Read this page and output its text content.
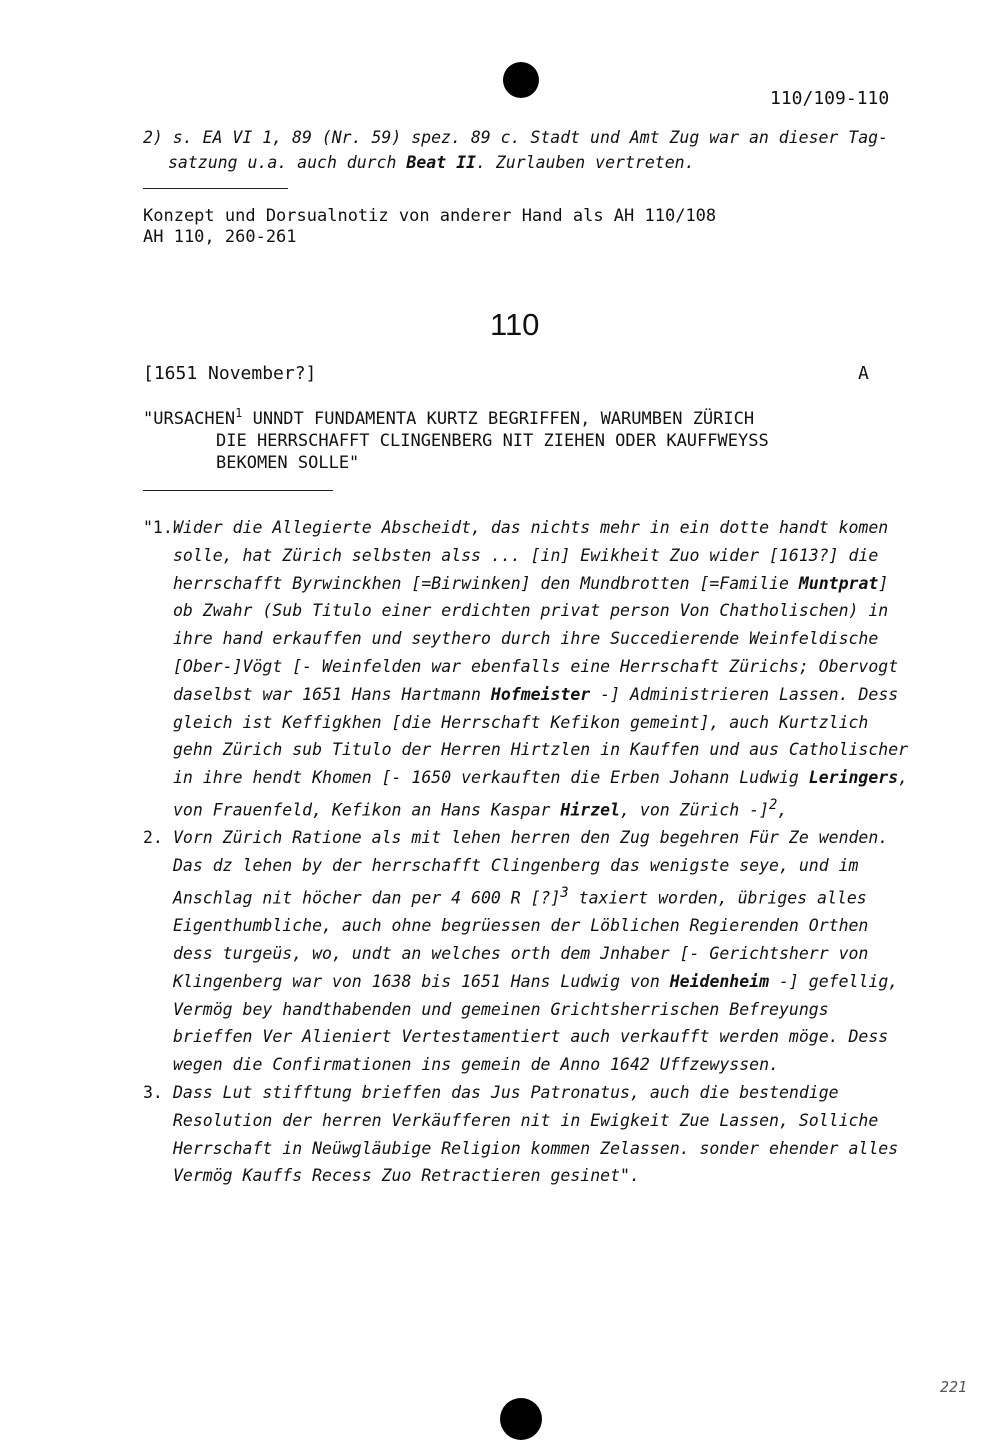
110/109-110
2) s. EA VI 1, 89 (Nr. 59) spez. 89 c. Stadt und Amt Zug war an dieser Tag-
satzung u.a. auch durch Beat II. Zurlauben vertreten.
Konzept und Dorsualnotiz von anderer Hand als AH 110/108
AH 110, 260-261
110
[1651 November?]	A
"URSACHEN$^1$ UNNDT FUNDAMENTA KURTZ BEGRIFFEN, WARUMBEN ZÜRICH
DIE HERRSCHAFFT CLINGENBERG NIT ZIEHEN ODER KAUFFWEYSS
BEKOMEN SOLLE"
"1. Wider die Allegierte Abscheidt, das nichts mehr in ein dotte handt komen solle, hat Zürich selbsten alss ... [in] Ewikheit Zuo wider [1613?] die herrschafft Byrwinckhen [=Birwinken] den Mundbrotten [=Familie Muntprat] ob Zwahr (Sub Titulo einer erdichten privat person Von Chatholischen) in ihre hand erkauffen und seythero durch ihre Succedierende Weinfeldische [Ober-]Vögt [- Weinfelden war ebenfalls eine Herrschaft Zürichs; Obervogt daselbst war 1651 Hans Hartmann Hofmeister -] Administrieren Lassen. Dess gleich ist Keffigkhen [die Herrschaft Kefikon gemeint], auch Kurtzlich gehn Zürich sub Titulo der Herren Hirtzlen in Kauffen und aus Catholischer in ihre hendt Khomen [- 1650 verkauften die Erben Johann Ludwig Leringers, von Frauenfeld, Kefikon an Hans Kaspar Hirzel, von Zürich -]$^2$,

2. Vorn Zürich Ratione als mit lehen herren den Zug begehren Für Ze wenden.

Das dz lehen by der herrschafft Clingenberg das wenigste seye, und im Anschlag nit höcher dan per 4 600 R [?]$^3$ taxiert worden, übriges alles Eigenthumbliche, auch ohne begrüessen der Löblichen Regierenden Orthen dess turgeüs, wo, undt an welches orth dem Jnhaber [- Gerichtsherr von Klingenberg war von 1638 bis 1651 Hans Ludwig von Heidenheim -] gefellig, Vermög bey handthabenden und gemeinen Grichtsherrischen Befreyungs brieffen Ver Alieniert Vertestamentiert auch verkaufft werden möge. Dess wegen die Confirmationen ins gemein de Anno 1642 Uffzewyssen.

3. Dass Lut stifftung brieffen das Jus Patronatus, auch die bestendige Resolution der herren Verkäufferen nit in Ewigkeit Zue Lassen, Solliche Herrschaft in Neüwgläubige Religion kommen Zelassen. sonder ehender alles Vermög Kauffs Recess Zuo Retractieren gesinet".

221
